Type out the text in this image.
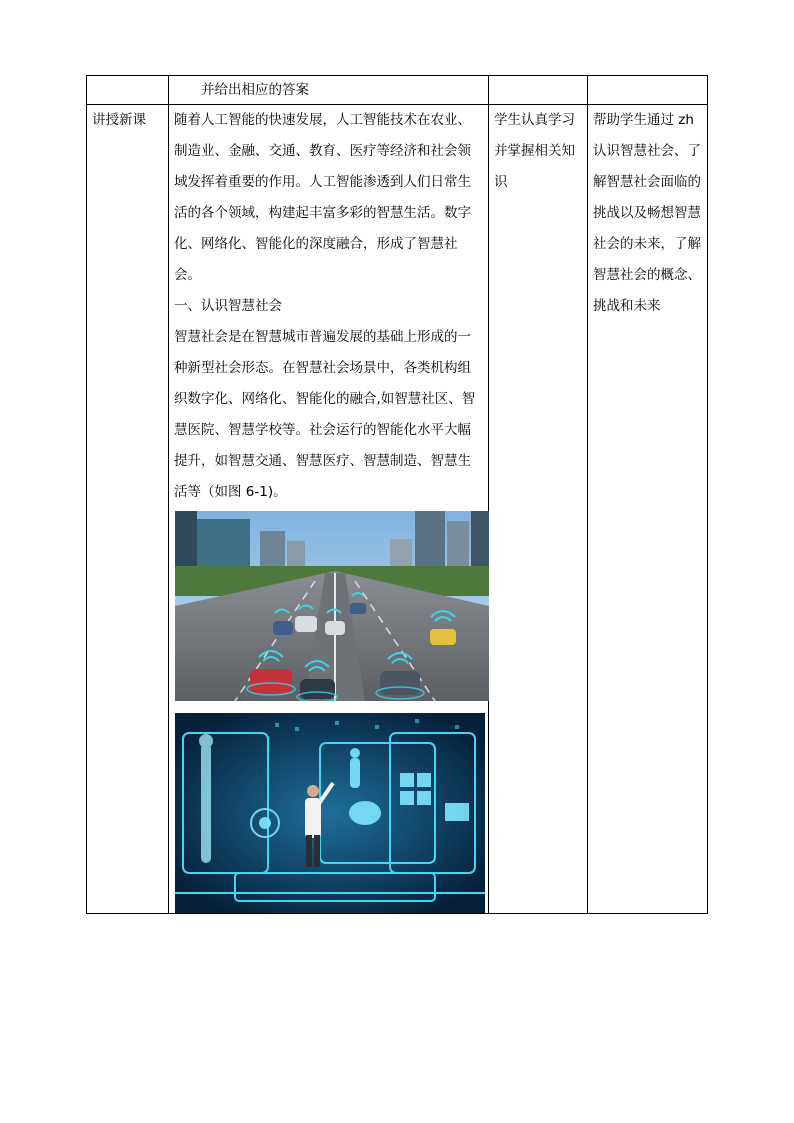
	并给出相应的答案		

讲授新课	随着人工智能的快速发展，人工智能技术在农业、制造业、金融、交通、教育、医疗等经济和社会领域发挥着重要的作用。人工智能渗透到人们日常生活的各个领域，构建起丰富多彩的智慧生活。数字化、网络化、智能化的深度融合，形成了智慧社会。

一、认识智慧社会

智慧社会是在智慧城市普遍发展的基础上形成的一种新型社会形态。在智慧社会场景中，各类机构组织数字化、网络化、智能化的融合,如智慧社区、智慧医院、智慧学校等。社会运行的智能化水平大幅提升，如智慧交通、智慧医疗、智慧制造、智慧生活等（如图 6-1)。	学生认真学习并掌握相关知识	帮助学生通过 zh认识智慧社会、了解智慧社会面临的挑战以及畅想智慧社会的未来，了解智慧社会的概念、挑战和未来
